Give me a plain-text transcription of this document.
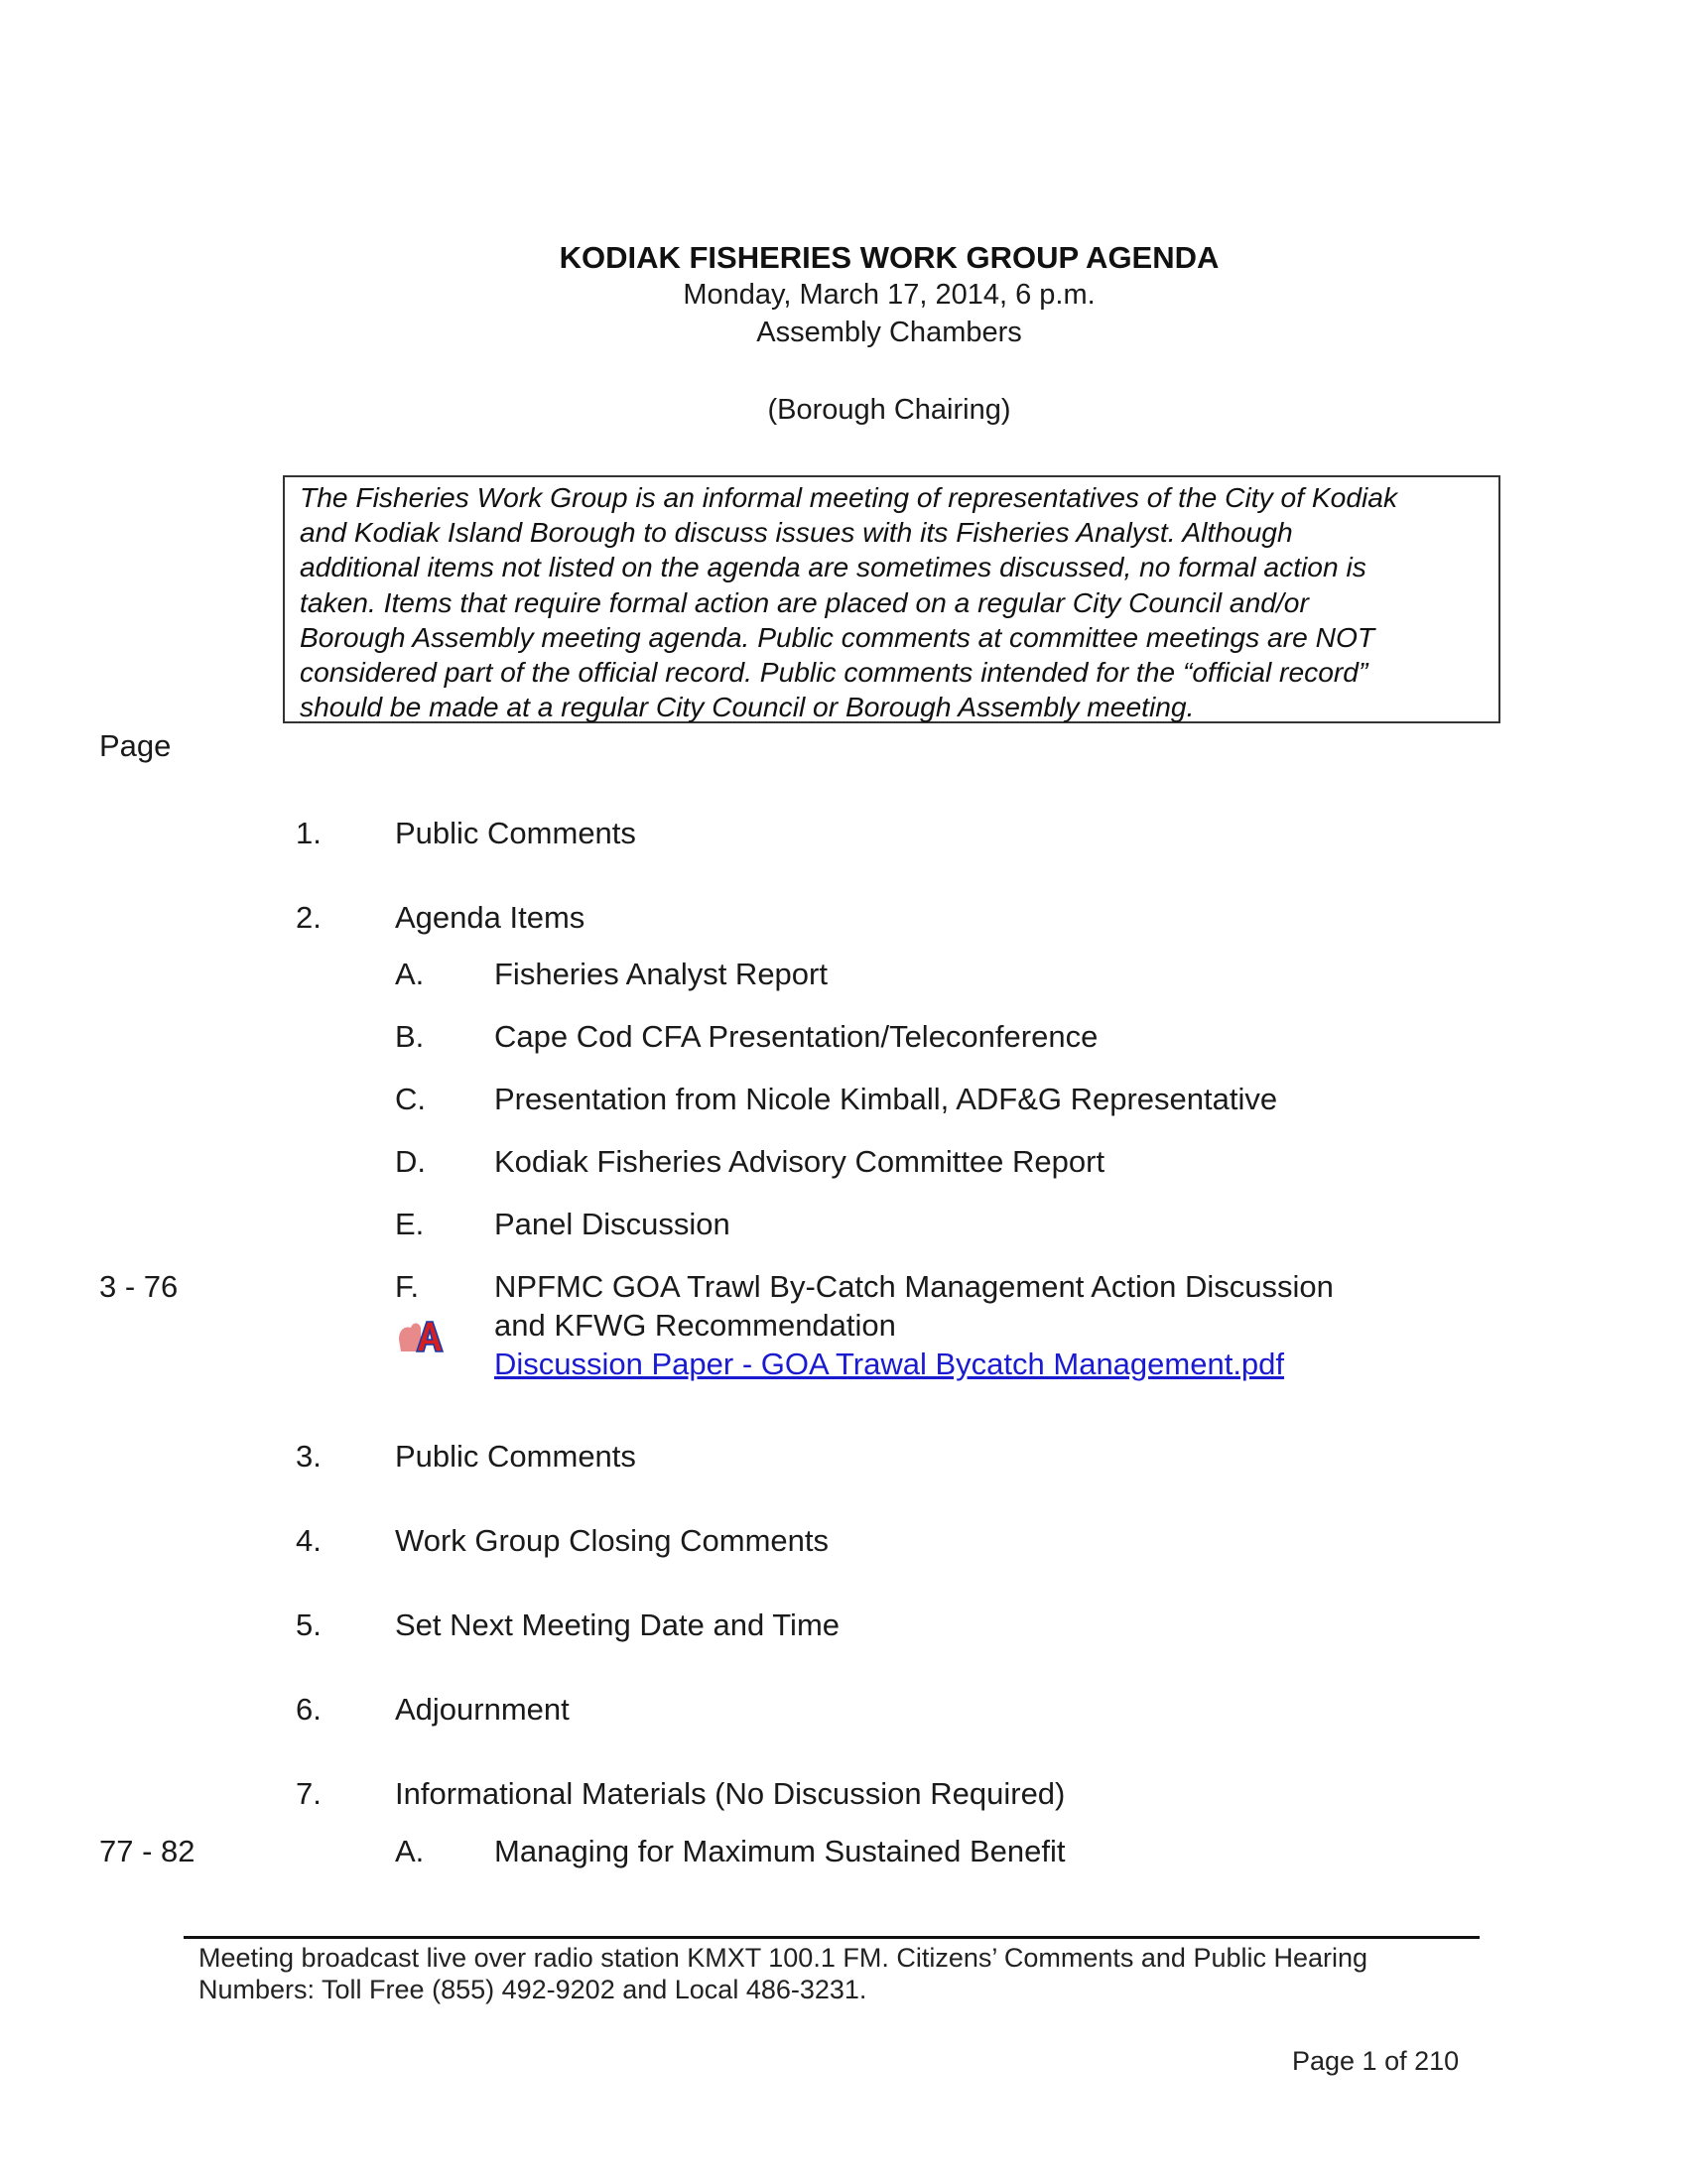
KODIAK FISHERIES WORK GROUP AGENDA
Monday, March 17, 2014, 6 p.m.
Assembly Chambers
(Borough Chairing)
The Fisheries Work Group is an informal meeting of representatives of the City of Kodiak
and Kodiak Island Borough to discuss issues with its Fisheries Analyst. Although
additional items not listed on the agenda are sometimes discussed, no formal action is
taken. Items that require formal action are placed on a regular City Council and/or
Borough Assembly meeting agenda. Public comments at committee meetings are NOT
considered part of the official record. Public comments intended for the “official record”
should be made at a regular City Council or Borough Assembly meeting.
Page
1. Public Comments
2. Agenda Items
A. Fisheries Analyst Report
B. Cape Cod CFA Presentation/Teleconference
C. Presentation from Nicole Kimball, ADF&G Representative
D. Kodiak Fisheries Advisory Committee Report
E. Panel Discussion
3 - 76	F. NPFMC GOA Trawl By-Catch Management Action Discussion
and KFWG Recommendation
Discussion Paper - GOA Trawal Bycatch Management.pdf
3. Public Comments
4. Work Group Closing Comments
5. Set Next Meeting Date and Time
6. Adjournment
7. Informational Materials (No Discussion Required)
77 - 82	A. Managing for Maximum Sustained Benefit
Meeting broadcast live over radio station KMXT 100.1 FM. Citizens’ Comments and Public Hearing
Numbers: Toll Free (855) 492-9202 and Local 486-3231.
Page 1 of 210
